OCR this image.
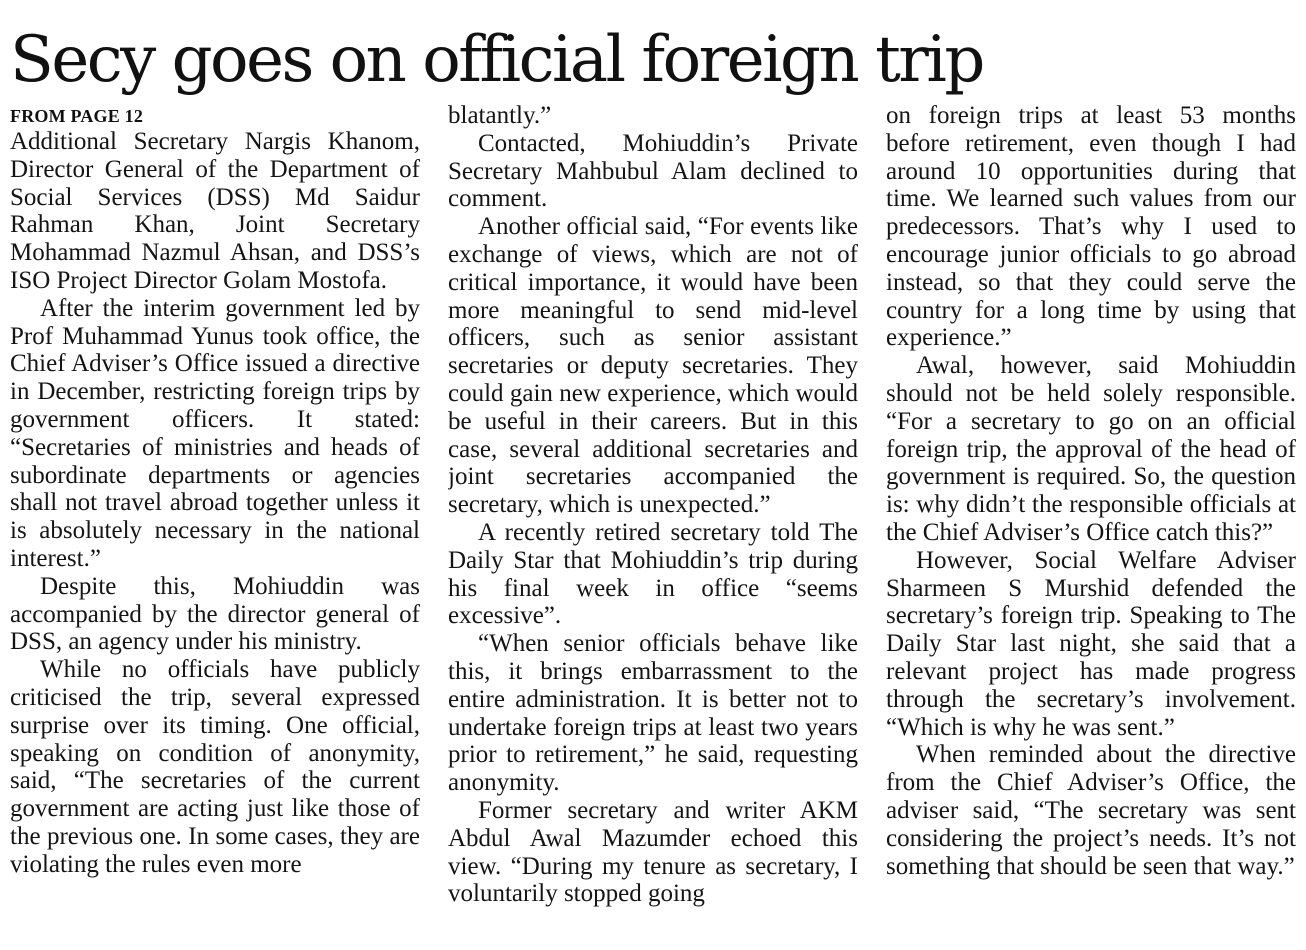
Secy goes on official foreign trip
FROM PAGE 12

Additional Secretary Nargis Khanom, Director General of the Department of Social Services (DSS) Md Saidur Rahman Khan, Joint Secretary Mohammad Nazmul Ahsan, and DSS’s ISO Project Director Golam Mostofa.

After the interim government led by Prof Muhammad Yunus took office, the Chief Adviser’s Office issued a directive in December, restricting foreign trips by government officers. It stated: “Secretaries of ministries and heads of subordinate departments or agencies shall not travel abroad together unless it is absolutely necessary in the national interest.”

Despite this, Mohiuddin was accompanied by the director general of DSS, an agency under his ministry.

While no officials have publicly criticised the trip, several expressed surprise over its timing. One official, speaking on condition of anonymity, said, “The secretaries of the current government are acting just like those of the previous one. In some cases, they are violating the rules even more

blatantly.”

Contacted, Mohiuddin’s Private Secretary Mahbubul Alam declined to comment.

Another official said, “For events like exchange of views, which are not of critical importance, it would have been more meaningful to send mid-level officers, such as senior assistant secretaries or deputy secretaries. They could gain new experience, which would be useful in their careers. But in this case, several additional secretaries and joint secretaries accompanied the secretary, which is unexpected.”

A recently retired secretary told The Daily Star that Mohiuddin’s trip during his final week in office “seems excessive”.

“When senior officials behave like this, it brings embarrassment to the entire administration. It is better not to undertake foreign trips at least two years prior to retirement,” he said, requesting anonymity.

Former secretary and writer AKM Abdul Awal Mazumder echoed this view. “During my tenure as secretary, I voluntarily stopped going

on foreign trips at least 53 months before retirement, even though I had around 10 opportunities during that time. We learned such values from our predecessors. That’s why I used to encourage junior officials to go abroad instead, so that they could serve the country for a long time by using that experience.”

Awal, however, said Mohiuddin should not be held solely responsible. “For a secretary to go on an official foreign trip, the approval of the head of government is required. So, the question is: why didn’t the responsible officials at the Chief Adviser’s Office catch this?”

However, Social Welfare Adviser Sharmeen S Murshid defended the secretary’s foreign trip. Speaking to The Daily Star last night, she said that a relevant project has made progress through the secretary’s involvement. “Which is why he was sent.”

When reminded about the directive from the Chief Adviser’s Office, the adviser said, “The secretary was sent considering the project’s needs. It’s not something that should be seen that way.”
